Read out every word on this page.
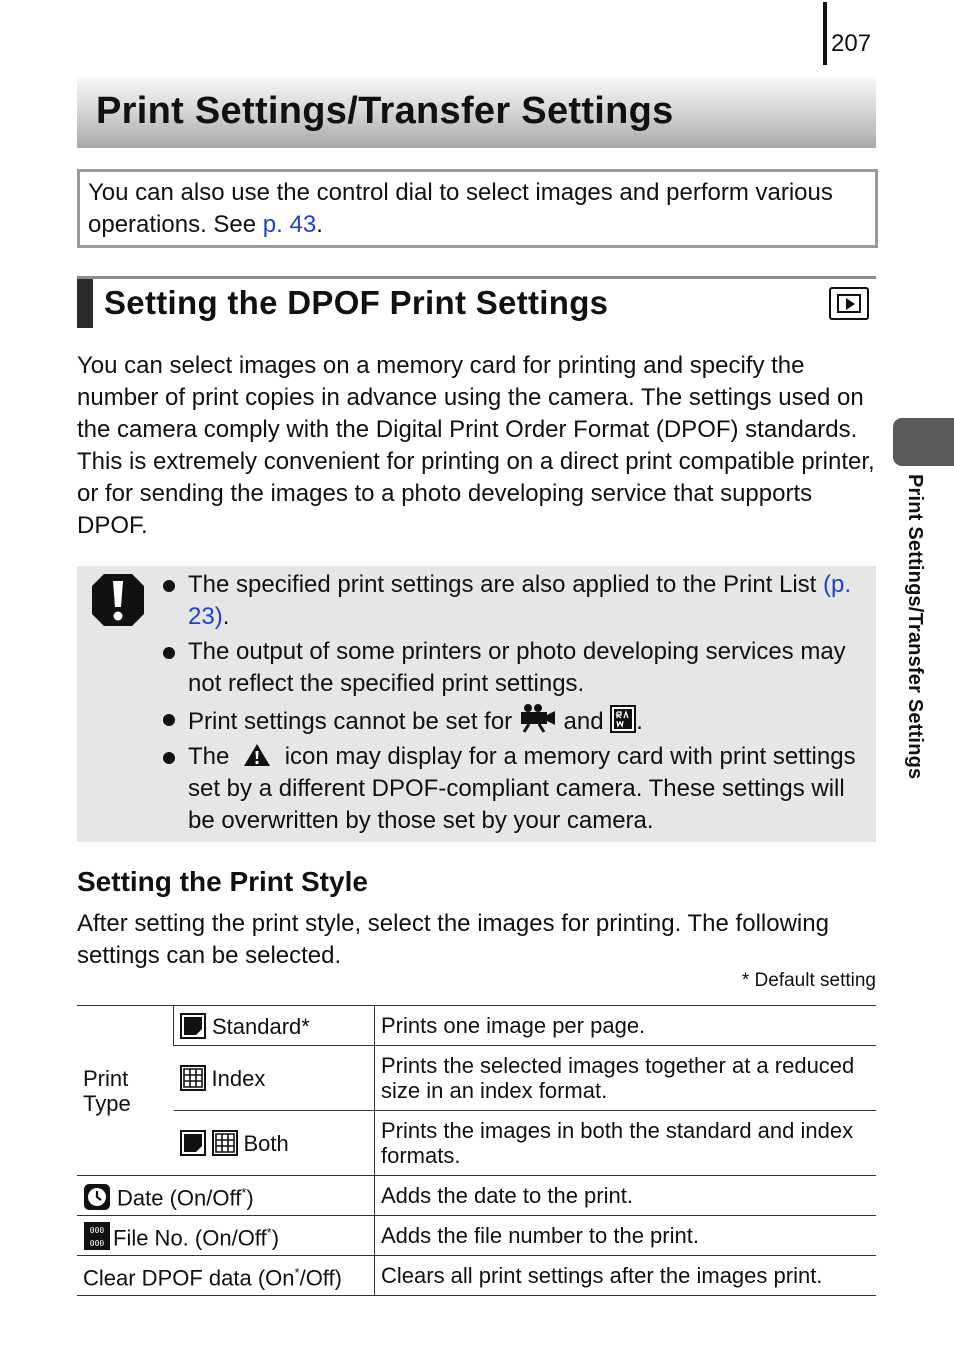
207
Print Settings/Transfer Settings
You can also use the control dial to select images and perform various operations. See p. 43.
Setting the DPOF Print Settings
You can select images on a memory card for printing and specify the number of print copies in advance using the camera. The settings used on the camera comply with the Digital Print Order Format (DPOF) standards. This is extremely convenient for printing on a direct print compatible printer, or for sending the images to a photo developing service that supports DPOF.
The specified print settings are also applied to the Print List (p. 23).
The output of some printers or photo developing services may not reflect the specified print settings.
Print settings cannot be set for and .
The icon may display for a memory card with print settings set by a different DPOF-compliant camera. These settings will be overwritten by those set by your camera.
Setting the Print Style
After setting the print style, select the images for printing. The following settings can be selected.
* Default setting
Print Type	Standard*	Prints one image per page.
	Index	Prints the selected images together at a reduced size in an index format.
	Both	Prints the images in both the standard and index formats.
Date (On/Off*)		Adds the date to the print.

000
000 File No. (On/Off*)		Adds the file number to the print.
Clear DPOF data (On*/Off)		Clears all print settings after the images print.
Print Settings/Transfer Settings
